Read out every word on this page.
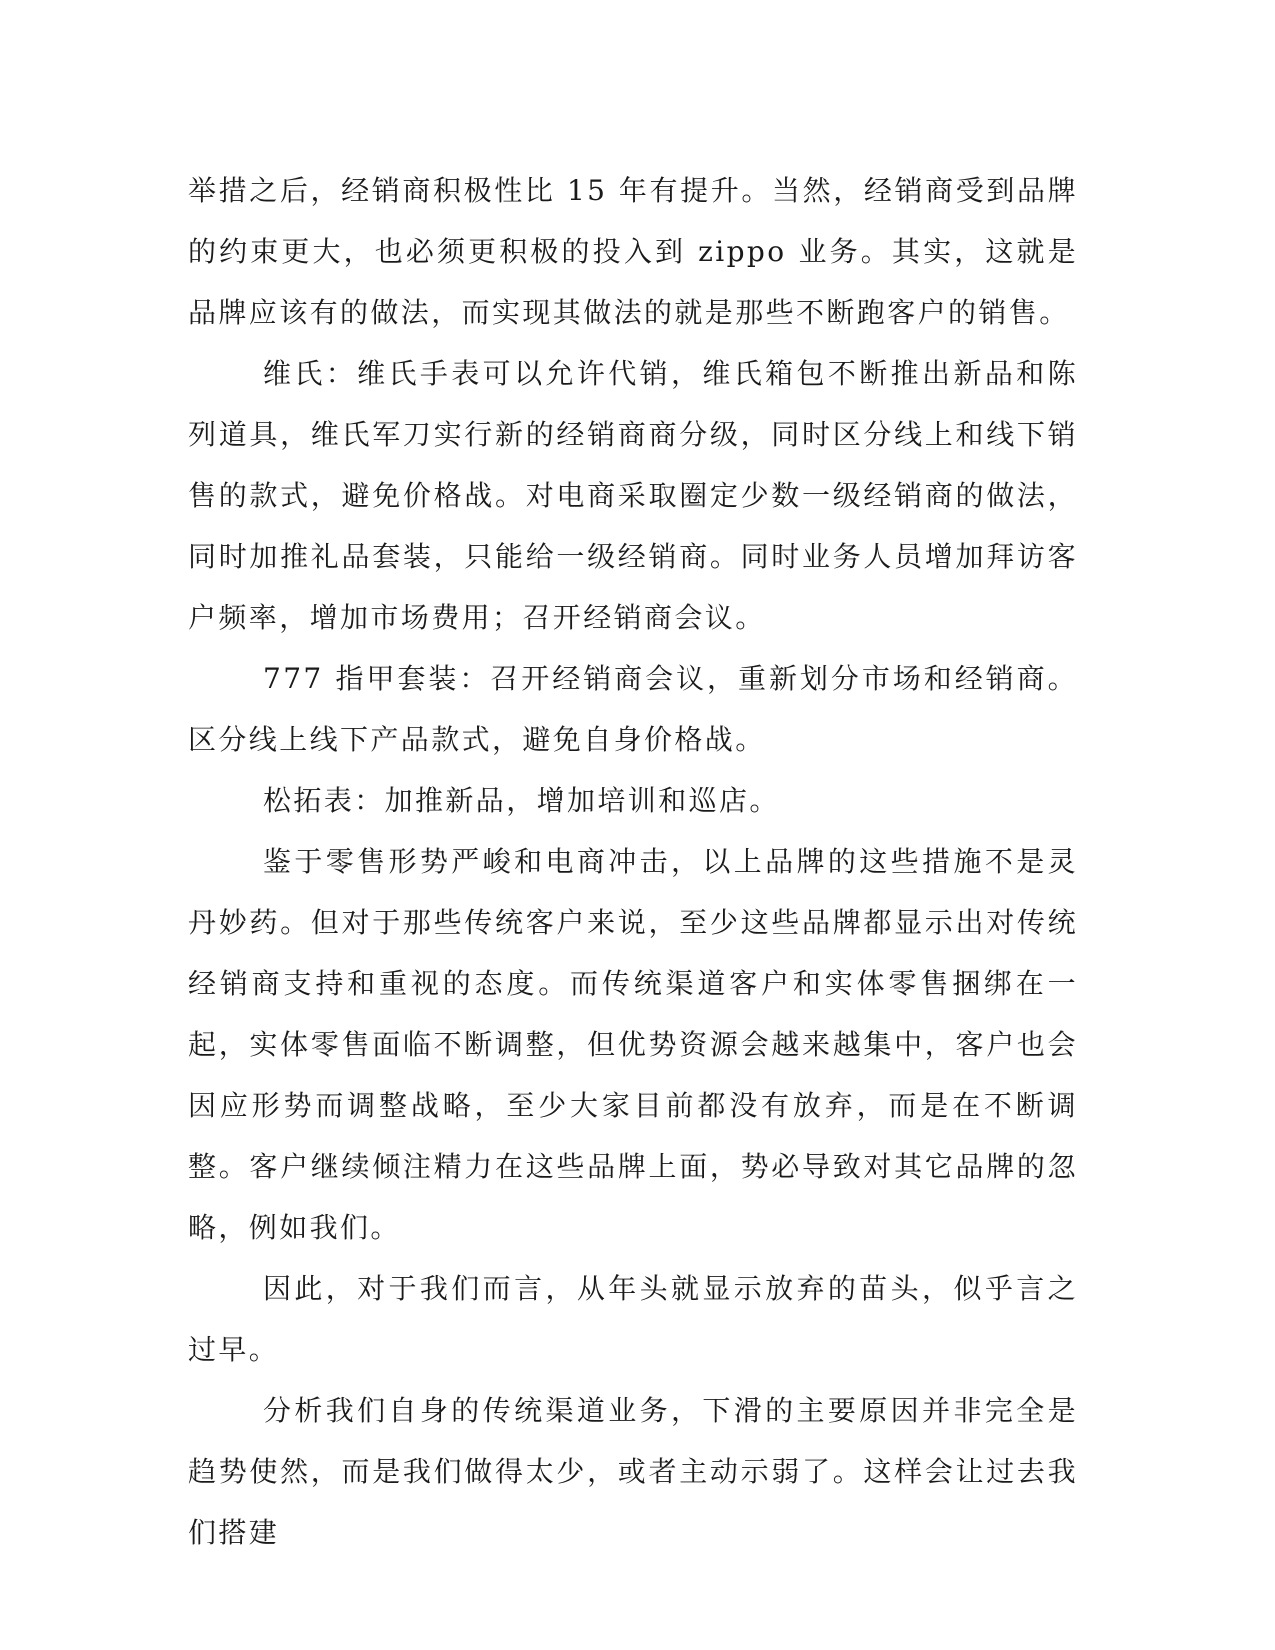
举措之后，经销商积极性比 15 年有提升。当然，经销商受到品牌的约束更大，也必须更积极的投入到 zippo 业务。其实，这就是品牌应该有的做法，而实现其做法的就是那些不断跑客户的销售。

维氏：维氏手表可以允许代销，维氏箱包不断推出新品和陈列道具，维氏军刀实行新的经销商商分级，同时区分线上和线下销售的款式，避免价格战。对电商采取圈定少数一级经销商的做法，同时加推礼品套装，只能给一级经销商。同时业务人员增加拜访客户频率，增加市场费用；召开经销商会议。

777 指甲套装：召开经销商会议，重新划分市场和经销商。区分线上线下产品款式，避免自身价格战。

松拓表：加推新品，增加培训和巡店。

鉴于零售形势严峻和电商冲击，以上品牌的这些措施不是灵丹妙药。但对于那些传统客户来说，至少这些品牌都显示出对传统经销商支持和重视的态度。而传统渠道客户和实体零售捆绑在一起，实体零售面临不断调整，但优势资源会越来越集中，客户也会因应形势而调整战略，至少大家目前都没有放弃，而是在不断调整。客户继续倾注精力在这些品牌上面，势必导致对其它品牌的忽略，例如我们。

因此，对于我们而言，从年头就显示放弃的苗头，似乎言之过早。

分析我们自身的传统渠道业务，下滑的主要原因并非完全是趋势使然，而是我们做得太少，或者主动示弱了。这样会让过去我们搭建
